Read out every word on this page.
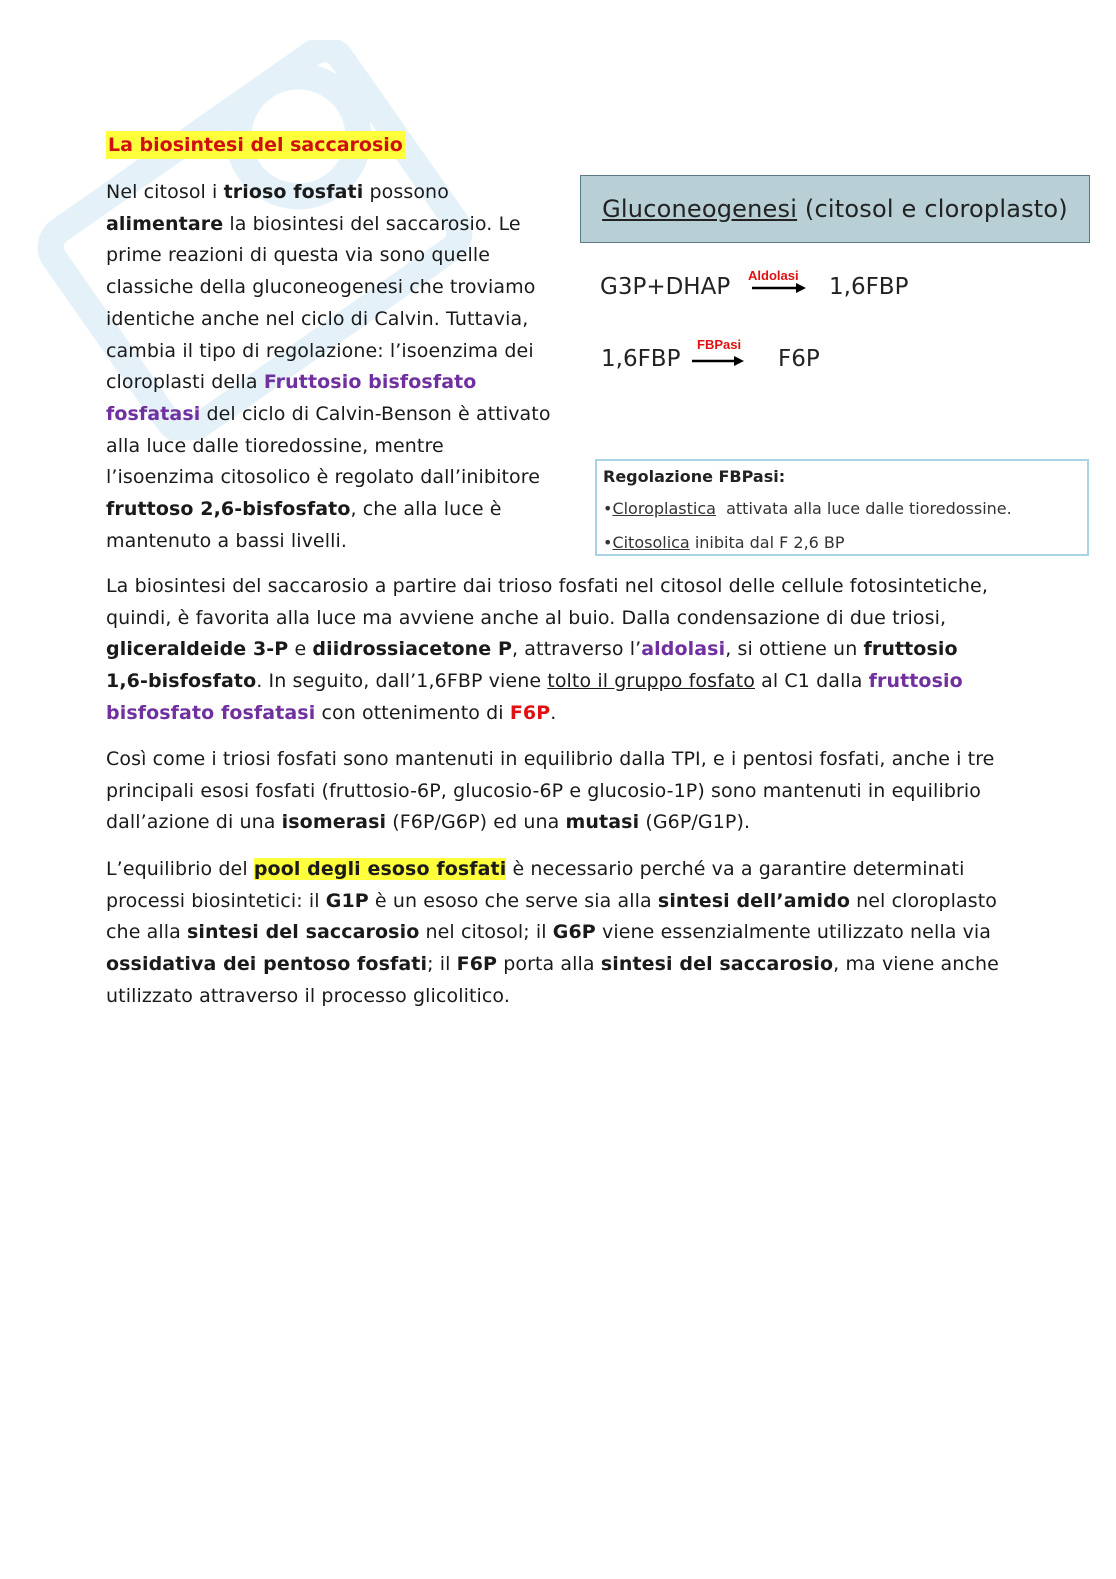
La biosintesi del saccarosio

Nel citosol i trioso fosfati possono alimentare la biosintesi del saccarosio. Le prime reazioni di questa via sono quelle classiche della gluconeogenesi che troviamo identiche anche nel ciclo di Calvin. Tuttavia, cambia il tipo di regolazione: l’isoenzima dei cloroplasti della Fruttosio bisfosfato fosfatasi del ciclo di Calvin-Benson è attivato alla luce dalle tioredossine, mentre l’isoenzima citosolico è regolato dall’inibitore fruttoso 2,6-bisfosfato, che alla luce è mantenuto a bassi livelli.

Gluconeogenesi (citosol e cloroplasto)
G3P+DHAP Aldolasi 1,6FBP
1,6FBP
FBPasi
F6P
Regolazione FBPasi:
•Cloroplastica  attivata alla luce dalle tioredossine.
•Citosolica inibita dal F 2,6 BP

La biosintesi del saccarosio a partire dai trioso fosfati nel citosol delle cellule fotosintetiche, quindi, è favorita alla luce ma avviene anche al buio. Dalla condensazione di due triosi, gliceraldeide 3-P e diidrossiacetone P, attraverso l’aldolasi, si ottiene un fruttosio 1,6-bisfosfato. In seguito, dall’1,6FBP viene tolto il gruppo fosfato al C1 dalla fruttosio bisfosfato fosfatasi con ottenimento di F6P.

Così come i triosi fosfati sono mantenuti in equilibrio dalla TPI, e i pentosi fosfati, anche i tre principali esosi fosfati (fruttosio-6P, glucosio-6P e glucosio-1P) sono mantenuti in equilibrio dall’azione di una isomerasi (F6P/G6P) ed una mutasi (G6P/G1P).

L’equilibrio del pool degli esoso fosfati è necessario perché va a garantire determinati processi biosintetici: il G1P è un esoso che serve sia alla sintesi dell’amido nel cloroplasto che alla sintesi del saccarosio nel citosol; il G6P viene essenzialmente utilizzato nella via ossidativa dei pentoso fosfati; il F6P porta alla sintesi del saccarosio, ma viene anche utilizzato attraverso il processo glicolitico.
